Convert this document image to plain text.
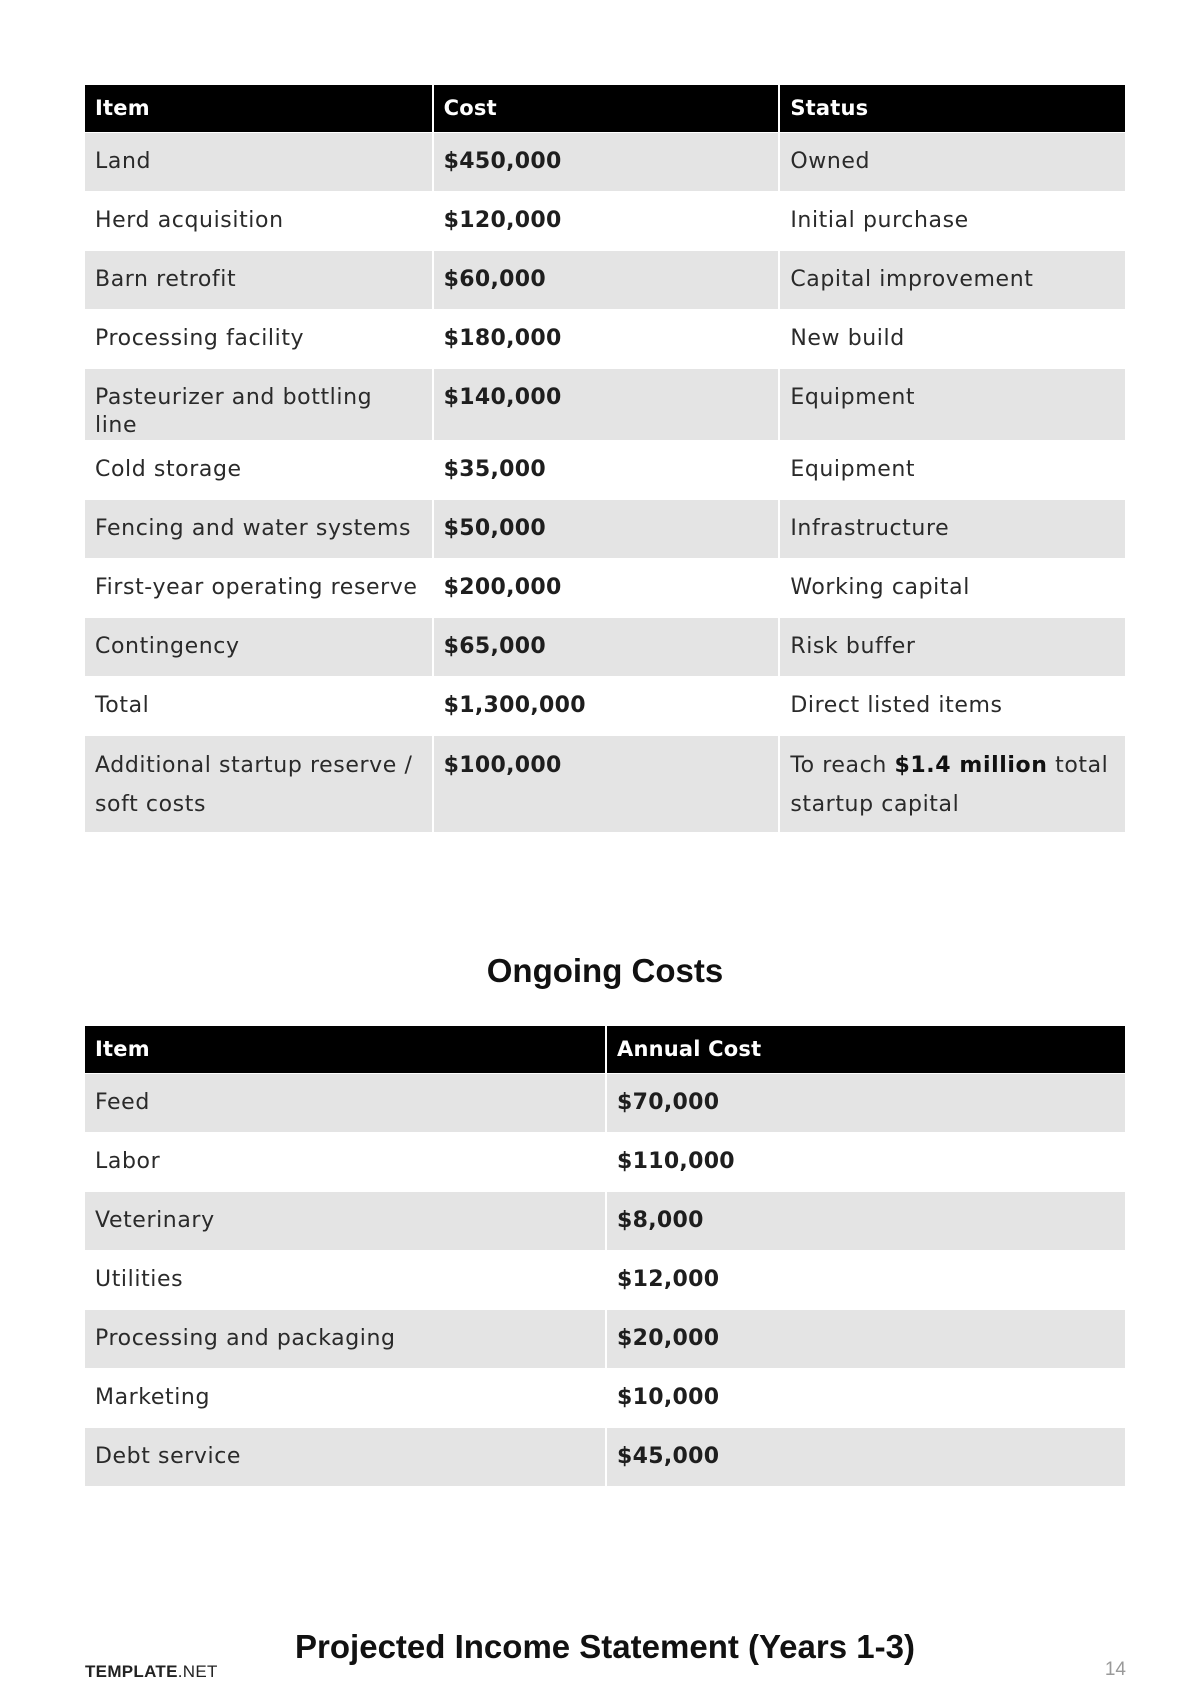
Item	Cost	Status
Land	$450,000	Owned
Herd acquisition	$120,000	Initial purchase
Barn retrofit	$60,000	Capital improvement
Processing facility	$180,000	New build
Pasteurizer and bottling line	$140,000	Equipment
Cold storage	$35,000	Equipment
Fencing and water systems	$50,000	Infrastructure
First-year operating reserve	$200,000	Working capital
Contingency	$65,000	Risk buffer
Total	$1,300,000	Direct listed items
Additional startup reserve / soft costs	$100,000	To reach $1.4 million total startup capital
Ongoing Costs
Item	Annual Cost
Feed	$70,000
Labor	$110,000
Veterinary	$8,000
Utilities	$12,000
Processing and packaging	$20,000
Marketing	$10,000
Debt service	$45,000
Projected Income Statement (Years 1-3)
TEMPLATE.NET	14
